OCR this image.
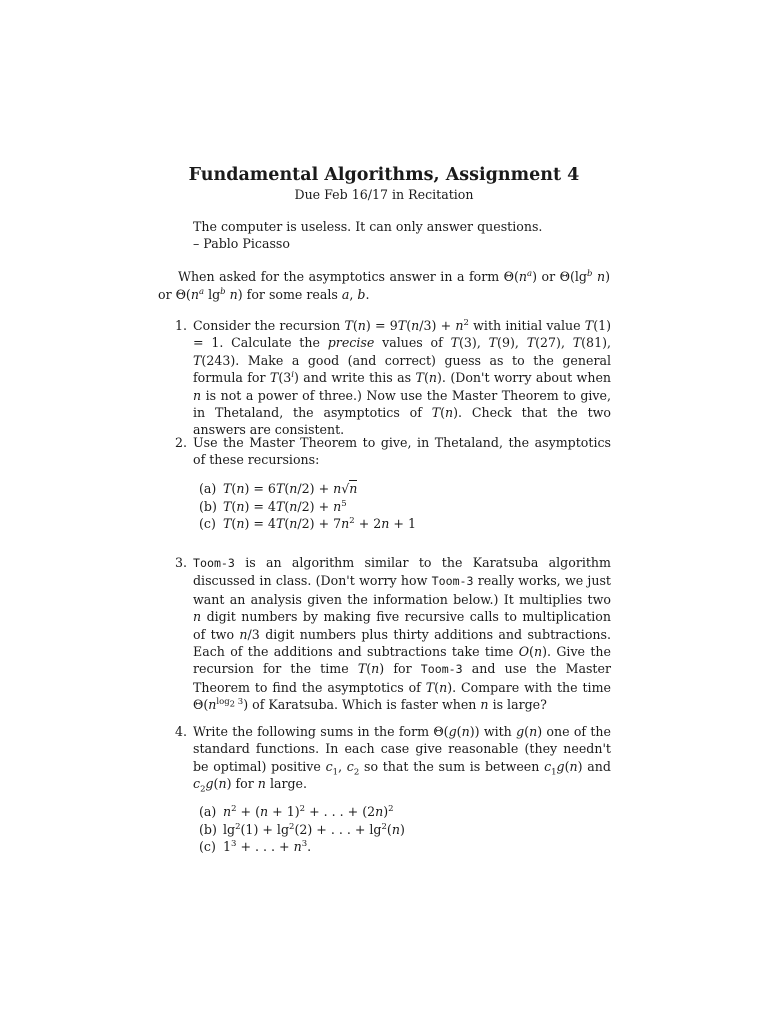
Fundamental Algorithms, Assignment 4
Due Feb 16/17 in Recitation
The computer is useless. It can only answer questions.
– Pablo Picasso
When asked for the asymptotics answer in a form $\Theta(n^a)$ or $\Theta(\lg^b$ n) or $\Theta(n^a$ $\lg^b n$) for some reals a, b.
1. Consider the recursion $T(n) = 9T(n/3) + n^2$ with initial value T(1) = 1. Calculate the precise values of T(3), T(9), T(27), T(81), T(243). Make a good (and correct) guess as to the general formula for T(3$^i$) and write this as T(n). (Don't worry about when n is not a power of three.) Now use the Master Theorem to give, in Thetaland, the asymptotics of T(n). Check that the two answers are consistent.
2. Use the Master Theorem to give, in Thetaland, the asymptotics of these recursions:
(a) T(n) = 6T(n/2) + n√n
(b) $T(n) = 4T(n/2) + n^5$
(c) $T(n) = 4T(n/2) + 7n^2 + 2n + 1$
3. Toom-3 is an algorithm similar to the Karatsuba algorithm discussed in class. (Don't worry how Toom-3 really works, we just want an analysis given the information below.) It multiplies two n digit numbers by making five recursive calls to multiplication of two n/3 digit numbers plus thirty additions and subtractions. Each of the additions and subtractions take time O(n). Give the recursion for the time T(n) for Toom-3 and use the Master Theorem to find the asymptotics of T(n). Compare with the time $\Theta(n^{log_2 3})$ of Karatsuba. Which is faster when n is large?
4. Write the following sums in the form Θ(g(n)) with g(n) one of the standard functions. In each case give reasonable (they needn't be optimal) positive $c_1$, $c_2$ so that the sum is between $c_1g(n)$ and $c_2g(n)$ for n large.
(a) $n^2 + (n + 1)^2$ + . . . + $(2n)^2$
(b) $\lg^2(1) + \lg^2(2)$ + . . . + $\lg^2(n)$
(c) $1^3$ + . . . + $n^3$.
